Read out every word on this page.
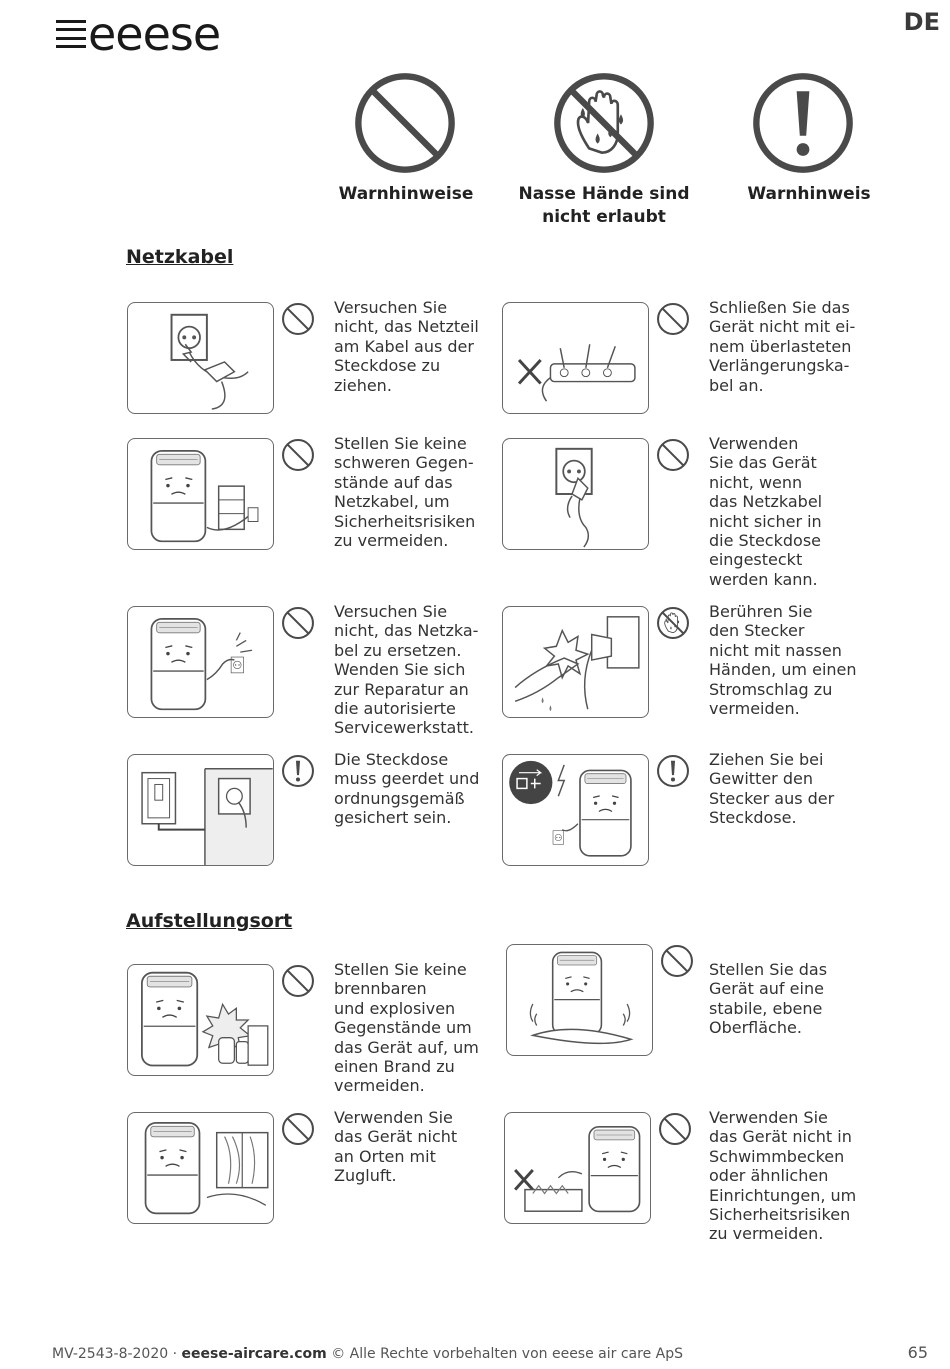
eeese	DE
Warnhinweise	Nasse Hände sind
nicht erlaubt
Warnhinweis
Netzkabel
Versuchen Sie
nicht, das Netzteil
am Kabel aus der
Steckdose zu
ziehen.
Schließen Sie das
Gerät nicht mit ei-
nem überlasteten
Verlängerungska-
bel an.
Stellen Sie keine
schweren Gegen-
stände auf das
Netzkabel, um
Sicherheitsrisiken
zu vermeiden.
Verwenden
Sie das Gerät
nicht, wenn
das Netzkabel
nicht sicher in
die Steckdose
eingesteckt
werden kann.
Versuchen Sie
nicht, das Netzka-
bel zu ersetzen.
Wenden Sie sich
zur Reparatur an
die autorisierte
Servicewerkstatt.
Berühren Sie
den Stecker
nicht mit nassen
Händen, um einen
Stromschlag zu
vermeiden.
Die Steckdose
muss geerdet und
ordnungsgemäß
gesichert sein.
Ziehen Sie bei
Gewitter den
Stecker aus der
Steckdose.
Aufstellungsort
Stellen Sie keine
brennbaren
und explosiven
Gegenstände um
das Gerät auf, um
einen Brand zu
vermeiden.
Stellen Sie das
Gerät auf eine
stabile, ebene
Oberfläche.
Verwenden Sie
das Gerät nicht
an Orten mit
Zugluft.
Verwenden Sie
das Gerät nicht in
Schwimmbecken
oder ähnlichen
Einrichtungen, um
Sicherheitsrisiken
zu vermeiden.
MV-2543-8-2020 · eeese-aircare.com © Alle Rechte vorbehalten von eeese air care ApS	65
